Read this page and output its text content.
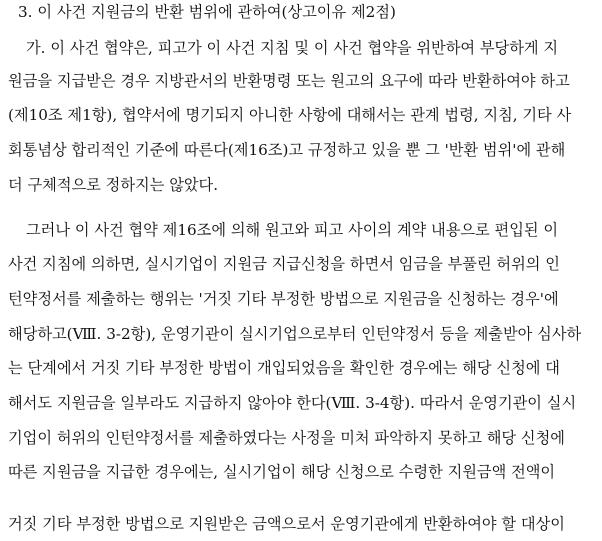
3. 이 사건 지원금의 반환 범위에 관하여(상고이유 제2점)
가. 이 사건 협약은, 피고가 이 사건 지침 및 이 사건 협약을 위반하여 부당하게 지
원금을 지급받은 경우 지방관서의 반환명령 또는 원고의 요구에 따라 반환하여야 하고
(제10조 제1항), 협약서에 명기되지 아니한 사항에 대해서는 관계 법령, 지침, 기타 사
회통념상 합리적인 기준에 따른다(제16조)고 규정하고 있을 뿐 그 '반환 범위'에 관해
더 구체적으로 정하지는 않았다.
그러나 이 사건 협약 제16조에 의해 원고와 피고 사이의 계약 내용으로 편입된 이
사건 지침에 의하면, 실시기업이 지원금 지급신청을 하면서 임금을 부풀린 허위의 인
턴약정서를 제출하는 행위는 '거짓 기타 부정한 방법으로 지원금을 신청하는 경우'에
해당하고(Ⅷ. 3-2항), 운영기관이 실시기업으로부터 인턴약정서 등을 제출받아 심사하
는 단계에서 거짓 기타 부정한 방법이 개입되었음을 확인한 경우에는 해당 신청에 대
해서도 지원금을 일부라도 지급하지 않아야 한다(Ⅷ. 3-4항). 따라서 운영기관이 실시
기업이 허위의 인턴약정서를 제출하였다는 사정을 미처 파악하지 못하고 해당 신청에
따른 지원금을 지급한 경우에는, 실시기업이 해당 신청으로 수령한 지원금액 전액이
거짓 기타 부정한 방법으로 지원받은 금액으로서 운영기관에게 반환하여야 할 대상이
